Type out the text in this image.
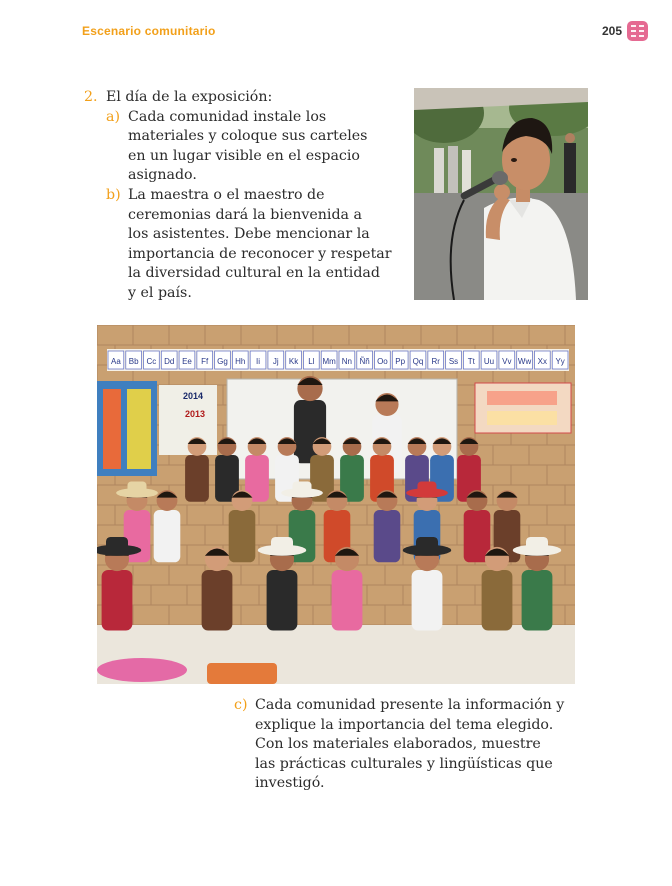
Escenario comunitario	205
2. El día de la exposición:
a) Cada comunidad instale los
materiales y coloque sus carteles
en un lugar visible en el espacio
asignado.
b) La maestra o el maestro de
ceremonias dará la bienvenida a
los asistentes. Debe mencionar la
importancia de reconocer y respetar
la diversidad cultural en la entidad
y el país.
Aa Bb Cc Dd Ee Ff Gg Hh Ii Jj Kk Ll Mm Nn Ññ Oo Pp Qq Rr Ss Tt Uu Vv Ww Xx Yy
2014
2013
c) Cada comunidad presente la información y
explique la importancia del tema elegido.
Con los materiales elaborados, muestre
las prácticas culturales y lingüísticas que
investigó.
